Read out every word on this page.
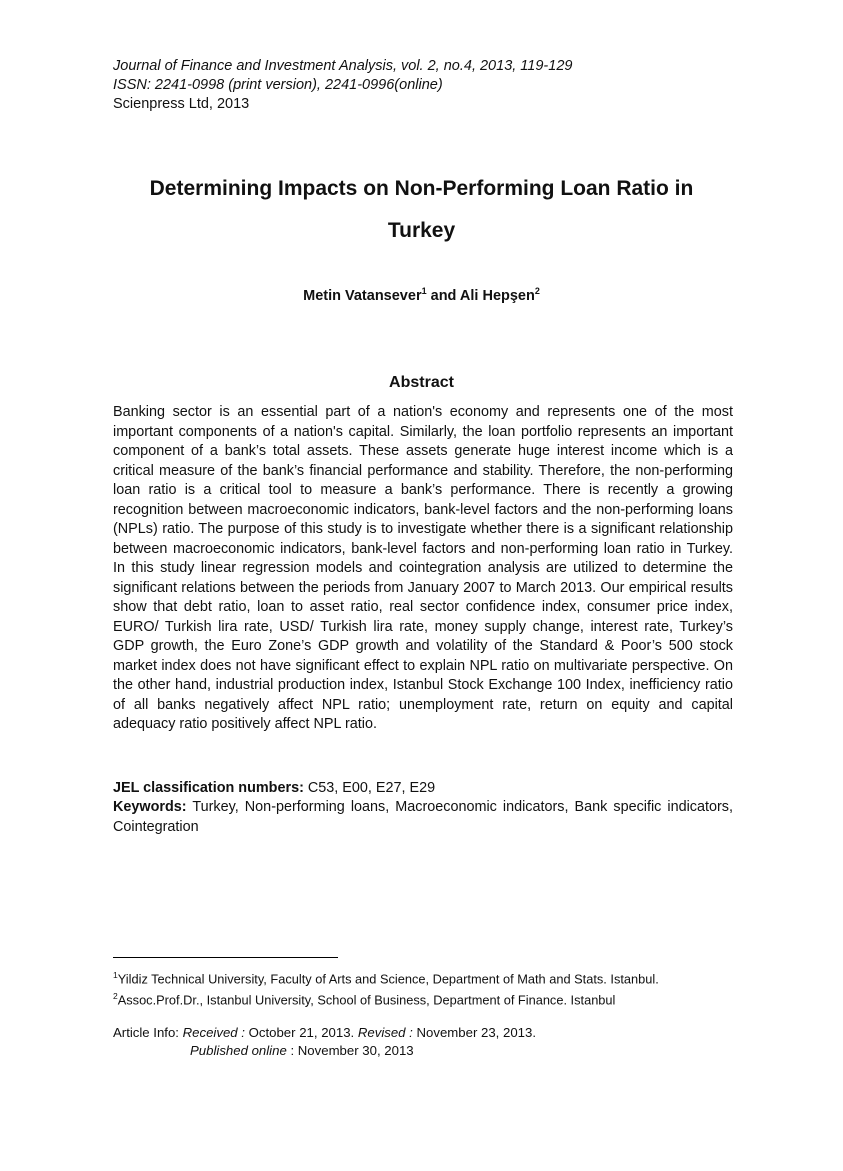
Journal of Finance and Investment Analysis, vol. 2, no.4, 2013, 119-129
ISSN: 2241-0998 (print version), 2241-0996(online)
Scienpress Ltd, 2013
Determining Impacts on Non-Performing Loan Ratio in
Turkey
Metin Vatansever$^1$ and Ali Hepşen$^2$
Abstract

Banking sector is an essential part of a nation's economy and represents one of the most important components of a nation's capital. Similarly, the loan portfolio represents an important component of a bank’s total assets. These assets generate huge interest income which is a critical measure of the bank’s financial performance and stability. Therefore, the non-performing loan ratio is a critical tool to measure a bank’s performance. There is recently a growing recognition between macroeconomic indicators, bank-level factors and the non-performing loans (NPLs) ratio. The purpose of this study is to investigate whether there is a significant relationship between macroeconomic indicators, bank-level factors and non-performing loan ratio in Turkey. In this study linear regression models and cointegration analysis are utilized to determine the significant relations between the periods from January 2007 to March 2013. Our empirical results show that debt ratio, loan to asset ratio, real sector confidence index, consumer price index, EURO/ Turkish lira rate, USD/ Turkish lira rate, money supply change, interest rate, Turkey’s GDP growth, the Euro Zone’s GDP growth and volatility of the Standard & Poor’s 500 stock market index does not have significant effect to explain NPL ratio on multivariate perspective. On the other hand, industrial production index, Istanbul Stock Exchange 100 Index, inefficiency ratio of all banks negatively affect NPL ratio; unemployment rate, return on equity and capital adequacy ratio positively affect NPL ratio.

JEL classification numbers: C53, E00, E27, E29
Keywords: Turkey, Non-performing loans, Macroeconomic indicators, Bank specific indicators, Cointegration
$^1$Yildiz Technical University, Faculty of Arts and Science, Department of Math and Stats. Istanbul.
$^2$Assoc.Prof.Dr., Istanbul University, School of Business, Department of Finance. Istanbul
Article Info: Received : October 21, 2013. Revised : November 23, 2013.
Published online : November 30, 2013
